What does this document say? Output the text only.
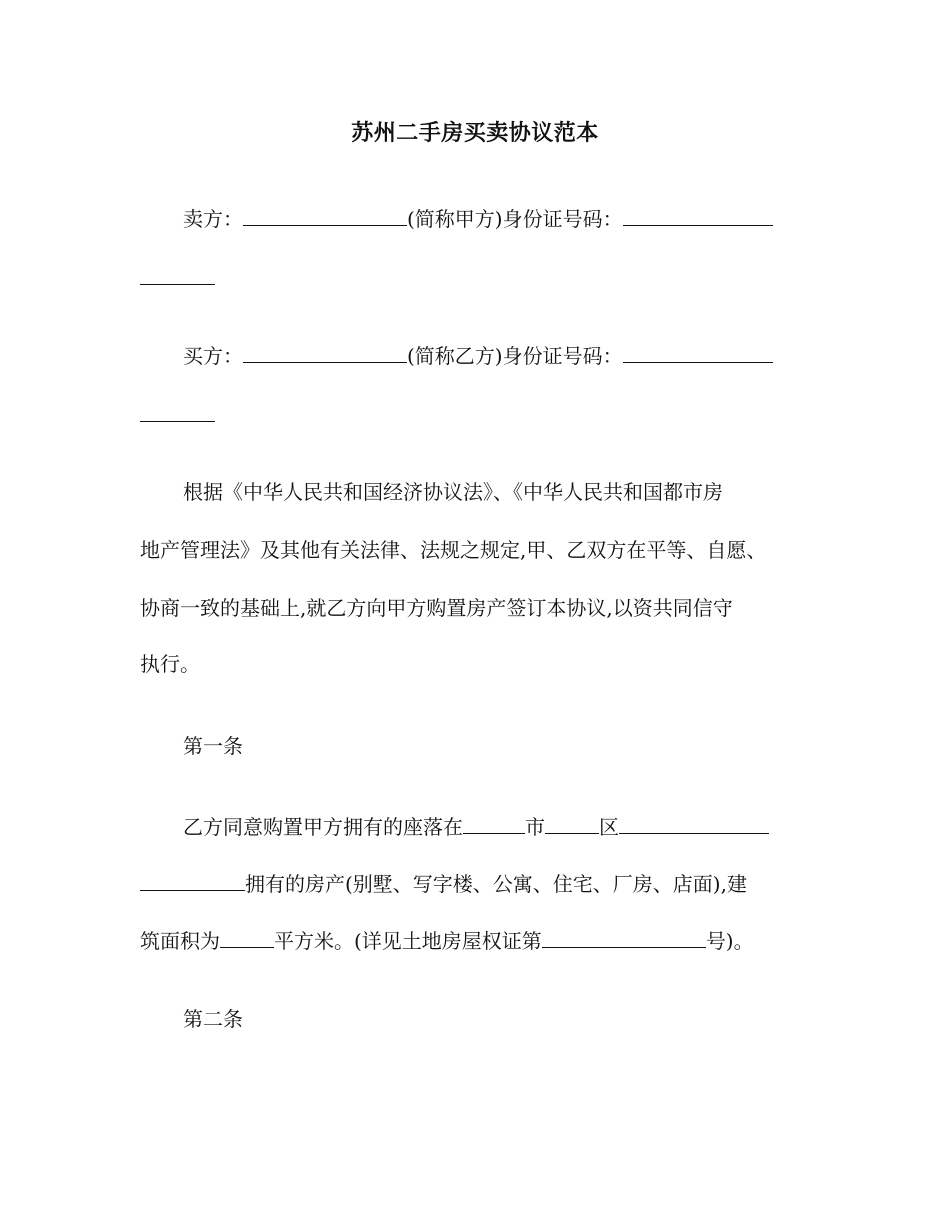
苏州二手房买卖协议范本
卖方：	(简称甲方)身份证号码：
买方：	(简称乙方)身份证号码：
根据《中华人民共和国经济协议法》、《中华人民共和国都市房
地产管理法》及其他有关法律、法规之规定,甲、乙双方在平等、自愿、
协商一致的基础上,就乙方向甲方购置房产签订本协议,以资共同信守
执行。
第一条
乙方同意购置甲方拥有的座落在	市	区
拥有的房产(别墅、写字楼、公寓、住宅、厂房、店面),建
筑面积为	平方米。(详见土地房屋权证第	号)。
第二条
